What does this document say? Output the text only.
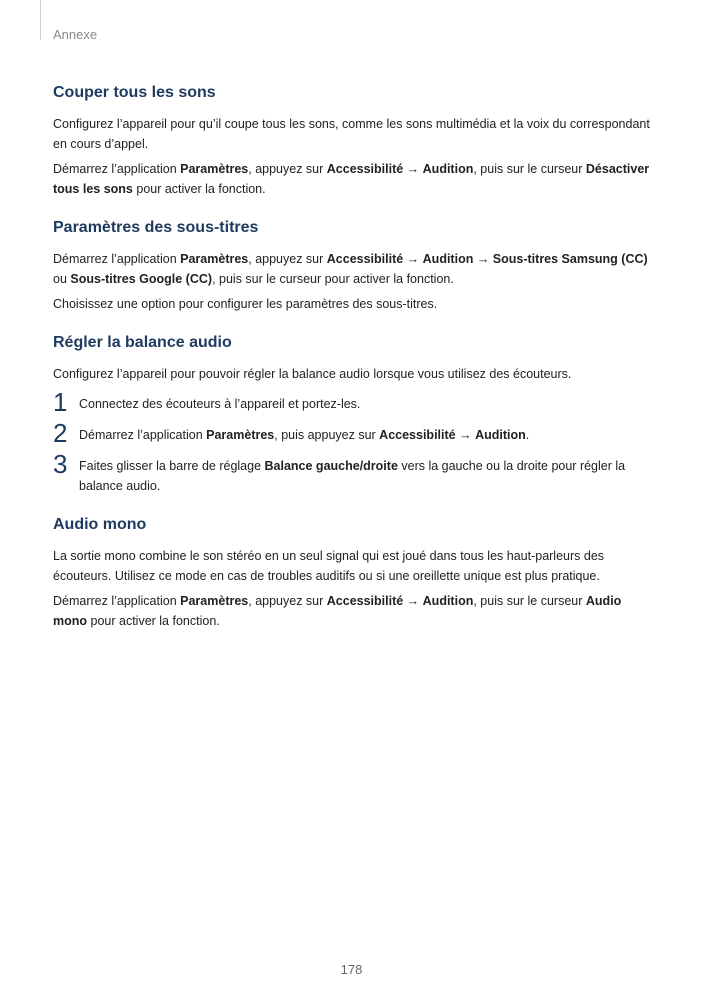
Annexe
Couper tous les sons

Configurez l’appareil pour qu’il coupe tous les sons, comme les sons multimédia et la voix du correspondant en cours d’appel.

Démarrez l’application Paramètres, appuyez sur Accessibilité → Audition, puis sur le curseur Désactiver tous les sons pour activer la fonction.

Paramètres des sous-titres

Démarrez l’application Paramètres, appuyez sur Accessibilité → Audition → Sous-titres Samsung (CC) ou Sous-titres Google (CC), puis sur le curseur pour activer la fonction.

Choisissez une option pour configurer les paramètres des sous-titres.

Régler la balance audio

Configurez l’appareil pour pouvoir régler la balance audio lorsque vous utilisez des écouteurs.

1 Connectez des écouteurs à l’appareil et portez-les.
2 Démarrez l’application Paramètres, puis appuyez sur Accessibilité → Audition.
3 Faites glisser la barre de réglage Balance gauche/droite vers la gauche ou la droite pour régler la balance audio.
Audio mono

La sortie mono combine le son stéréo en un seul signal qui est joué dans tous les haut-parleurs des écouteurs. Utilisez ce mode en cas de troubles auditifs ou si une oreillette unique est plus pratique.

Démarrez l’application Paramètres, appuyez sur Accessibilité → Audition, puis sur le curseur Audio mono pour activer la fonction.

178
